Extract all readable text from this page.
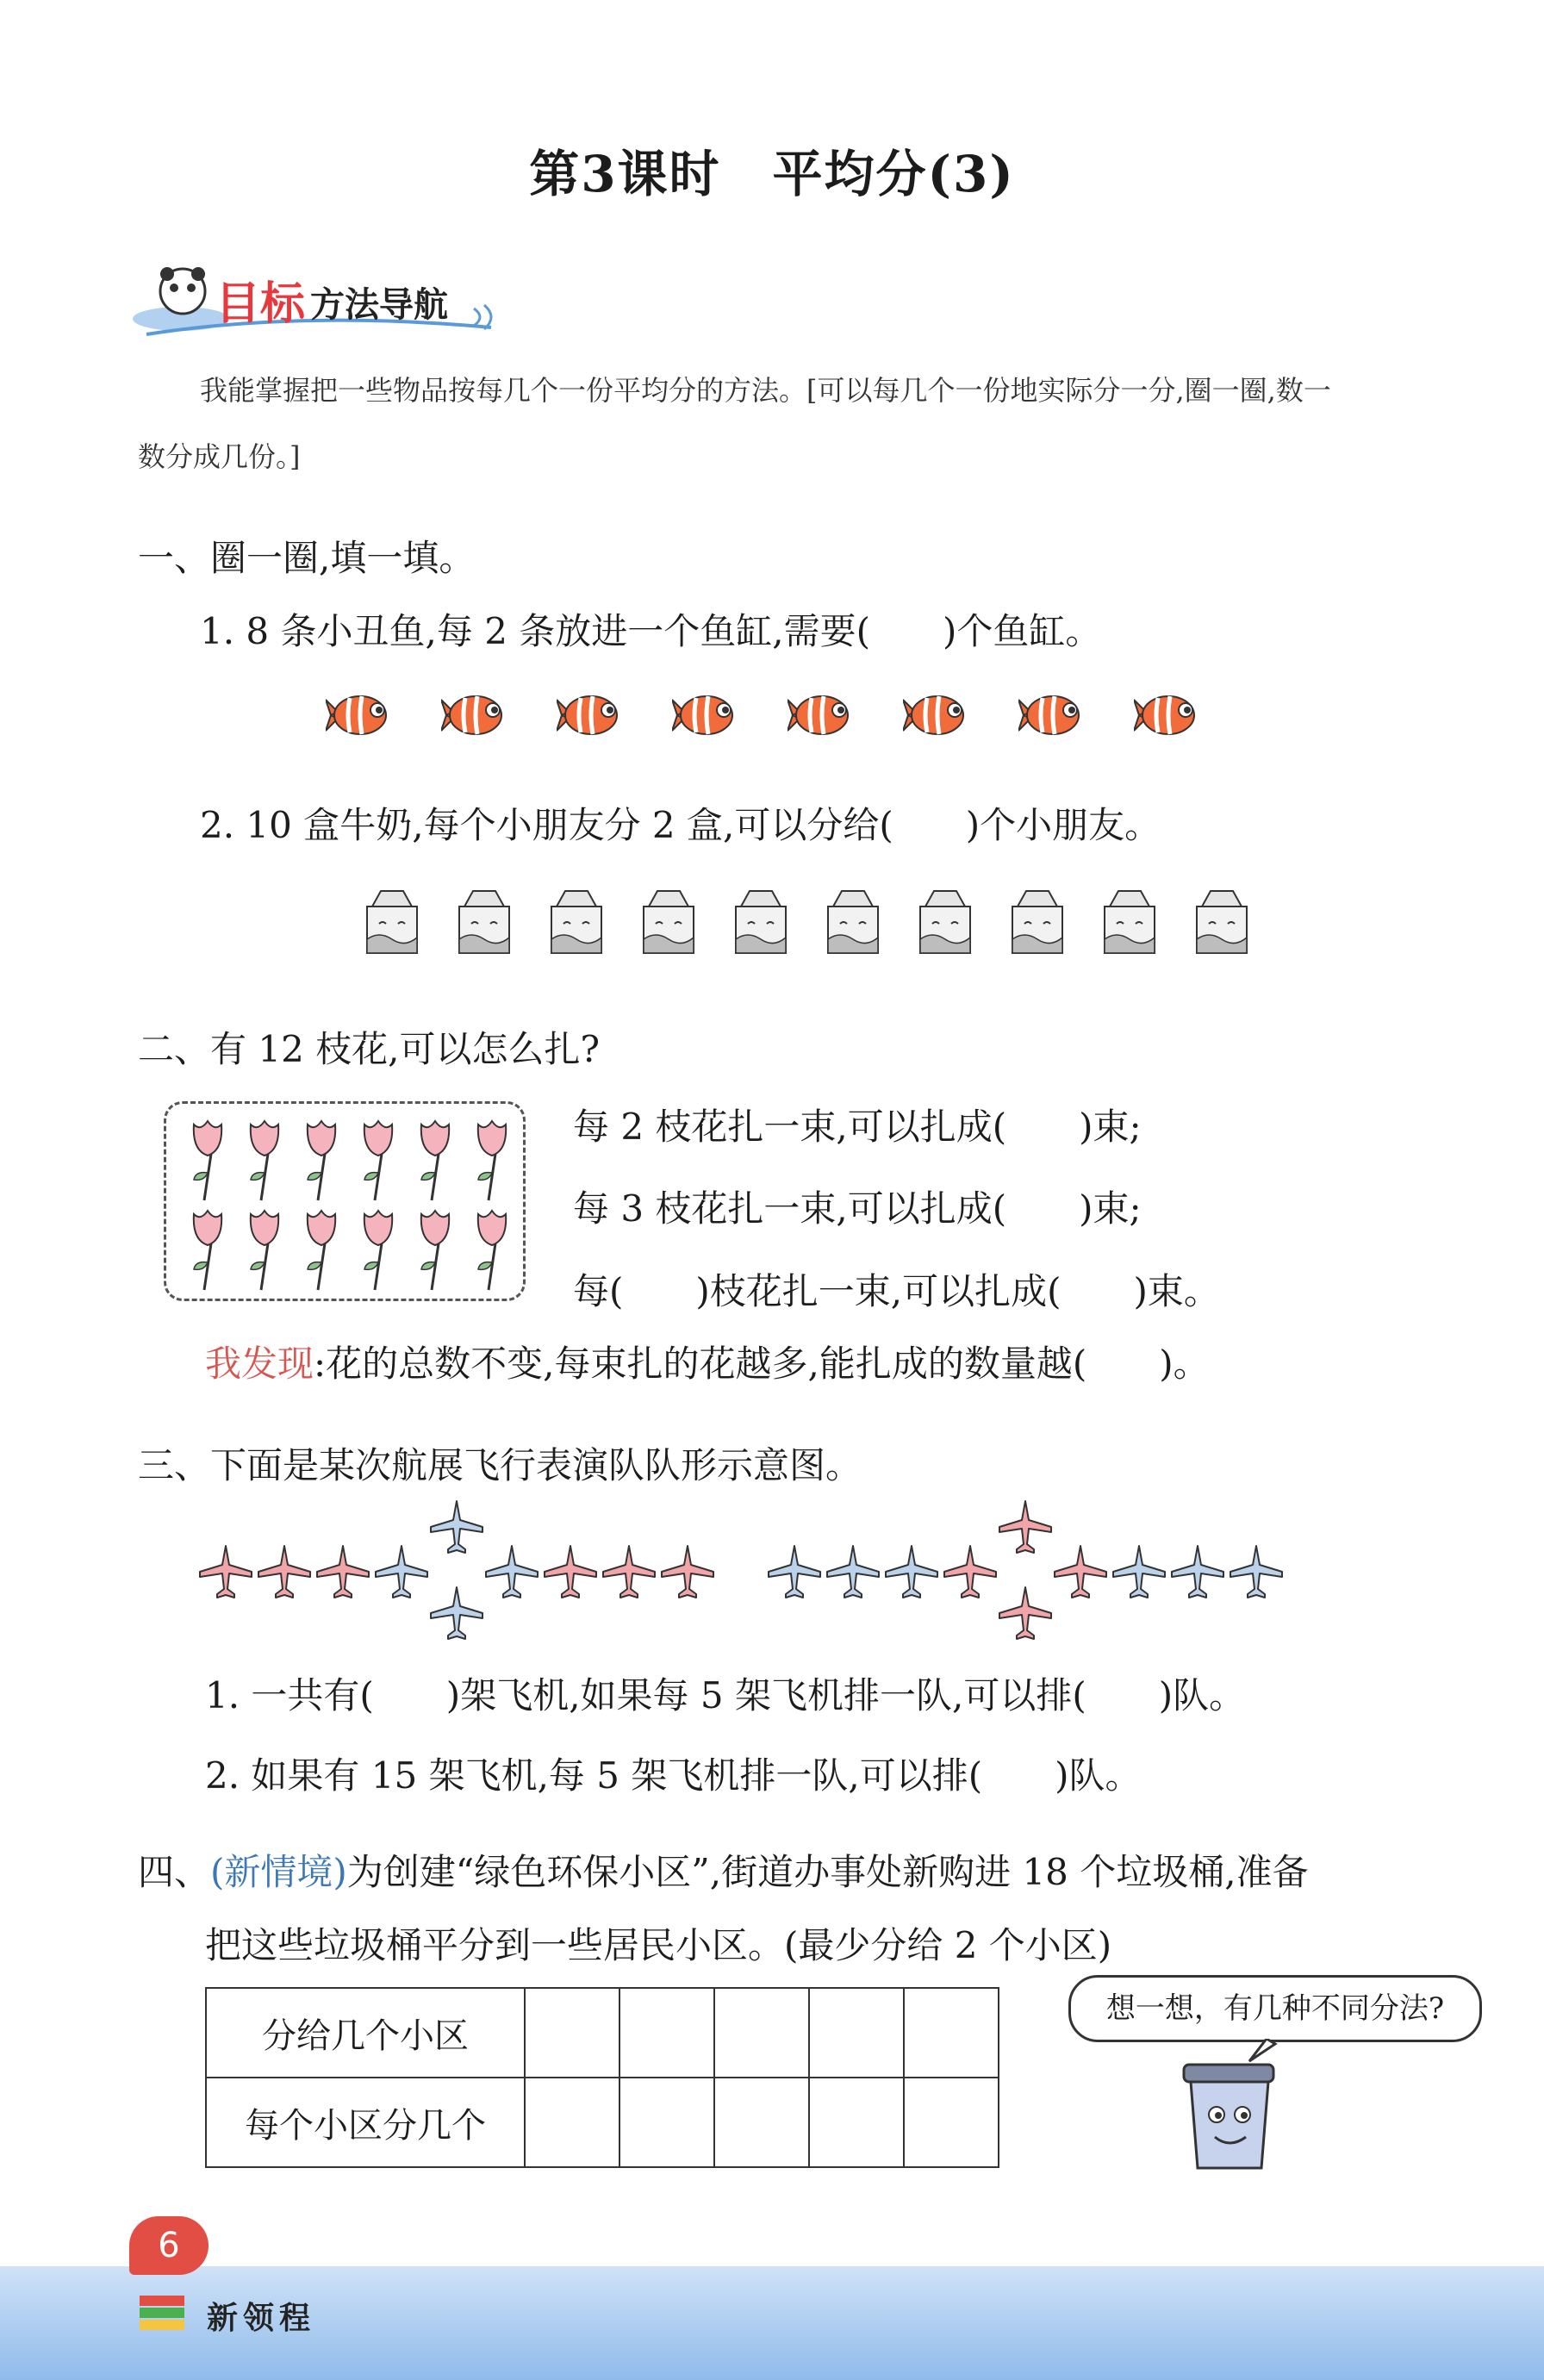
第3课时　平均分(3)
目标 方法导航
我能掌握把一些物品按每几个一份平均分的方法。[可以每几个一份地实际分一分,圈一圈,数一
数分成几份。]
一、圈一圈,填一填。
1. 8 条小丑鱼,每 2 条放进一个鱼缸,需要(　　)个鱼缸。
2. 10 盒牛奶,每个小朋友分 2 盒,可以分给(　　)个小朋友。
二、有 12 枝花,可以怎么扎?
每 2 枝花扎一束,可以扎成(　　)束;
每 3 枝花扎一束,可以扎成(　　)束;
每(　　)枝花扎一束,可以扎成(　　)束。
我发现:花的总数不变,每束扎的花越多,能扎成的数量越(　　)。
三、下面是某次航展飞行表演队队形示意图。
1. 一共有(　　)架飞机,如果每 5 架飞机排一队,可以排(　　)队。
2. 如果有 15 架飞机,每 5 架飞机排一队,可以排(　　)队。
四、(新情境)为创建“绿色环保小区”,街道办事处新购进 18 个垃圾桶,准备
把这些垃圾桶平分到一些居民小区。(最少分给 2 个小区)
分给几个小区					
每个小区分几个					
想一想，有几种不同分法?
6
新领程
